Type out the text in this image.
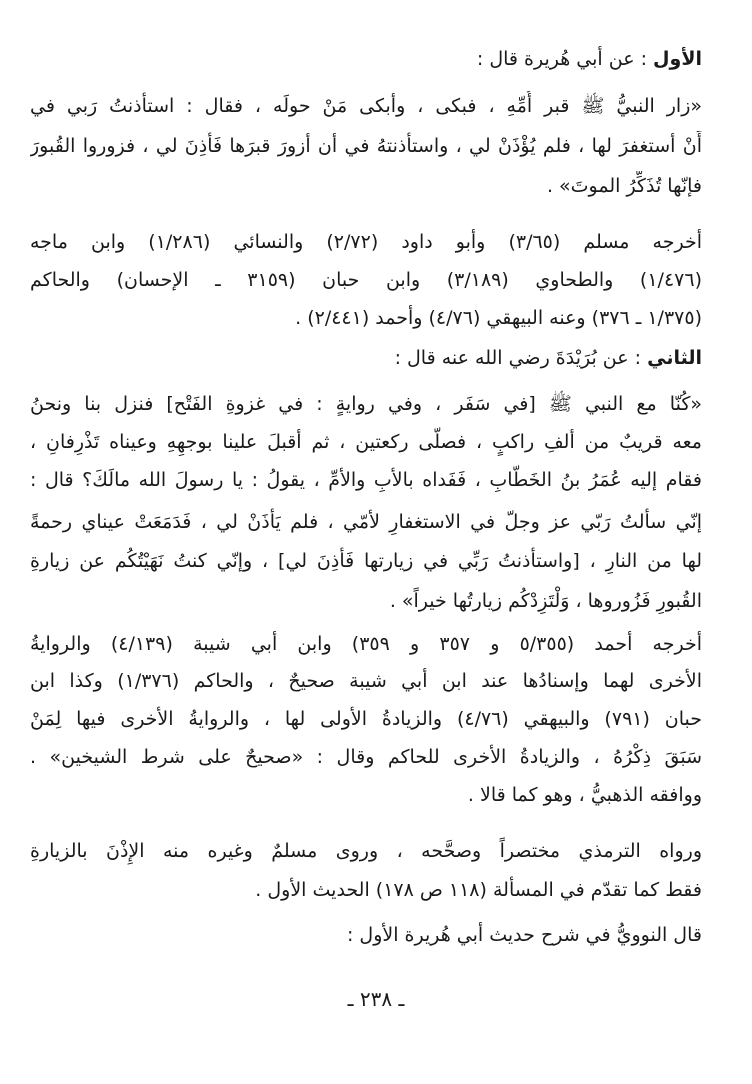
الأول : عن أبي هُريرة قال :
«زار النبيُّ ﷺ قبر أُمِّهِ ، فبكى ، وأبكى مَنْ حولَه ، فقال : استأذنتُ رَبي في
أَنْ أستغفرَ لها ، فلم يُؤْذَنْ لي ، واستأذنتهُ في أن أزورَ قبرَها فَأَذِنَ لي ، فزوروا القُبورَ
فإنّها تُذَكِّرُ الموتَ» .
أخرجه مسلم (٣/٦٥) وأبو داود (٢/٧٢) والنسائي (١/٢٨٦) وابن ماجه
(١/٤٧٦) والطحاوي (٣/١٨٩) وابن حبان (٣١٥٩ ـ الإحسان) والحاكم
(١/٣٧٥ ـ ٣٧٦) وعنه البيهقي (٤/٧٦) وأحمد (٢/٤٤١) .
الثاني : عن بُرَيْدَةَ رضي الله عنه قال :
«كُنّا مع النبي ﷺ [في سَفَر ، وفي روايةٍ : في غزوةِ الفَتْح] فنزل بنا ونحنُ
معه قريبٌ من ألفِ راكبٍ ، فصلّى ركعتين ، ثم أقبلَ علينا بوجهِهِ وعيناه تَذْرِفانِ ،
فقام إليه عُمَرُ بنُ الخَطّابِ ، فَفَداه بالأبِ والأمِّ ، يقولُ : يا رسولَ الله مالَكَ؟ قال :
إنّي سألتُ رَبّي عز وجلّ في الاستغفارِ لأمّي ، فلم يَأْذَنْ لي ، فَدَمَعَتْ عيناي رحمةً
لها من النارِ ، [واستأذنتُ رَبِّي في زيارتها فَأَذِنَ لي] ، وإنّي كنتُ نَهَيْتُكُم عن زيارةِ
القُبورِ فَزُوروها ، وَلْتَزِدْكُم زيارتُها خيراً» .
أخرجه أحمد (٥/٣٥٥ و ٣٥٧ و ٣٥٩) وابن أبي شيبة (٤/١٣٩) والروايةُ
الأخرى لهما وإسنادُها عند ابن أبي شيبة صحيحٌ ، والحاكم (١/٣٧٦) وكذا ابن
حبان (٧٩١) والبيهقي (٤/٧٦) والزيادةُ الأولى لها ، والروايةُ الأخرى فيها لِمَنْ
سَبَقَ ذِكْرُهُ ، والزيادةُ الأخرى للحاكم وقال : «صحيحٌ على شرط الشيخين» .
ووافقه الذهبيُّ ، وهو كما قالا .
ورواه الترمذي مختصراً وصحَّحه ، وروى مسلمٌ وغيره منه الإِذْنَ بالزيارةِ
فقط كما تقدّم في المسألة (١١٨ ص ١٧٨) الحديث الأول .
قال النوويُّ في شرح حديث أبي هُريرة الأول :
ـ ٢٣٨ ـ
